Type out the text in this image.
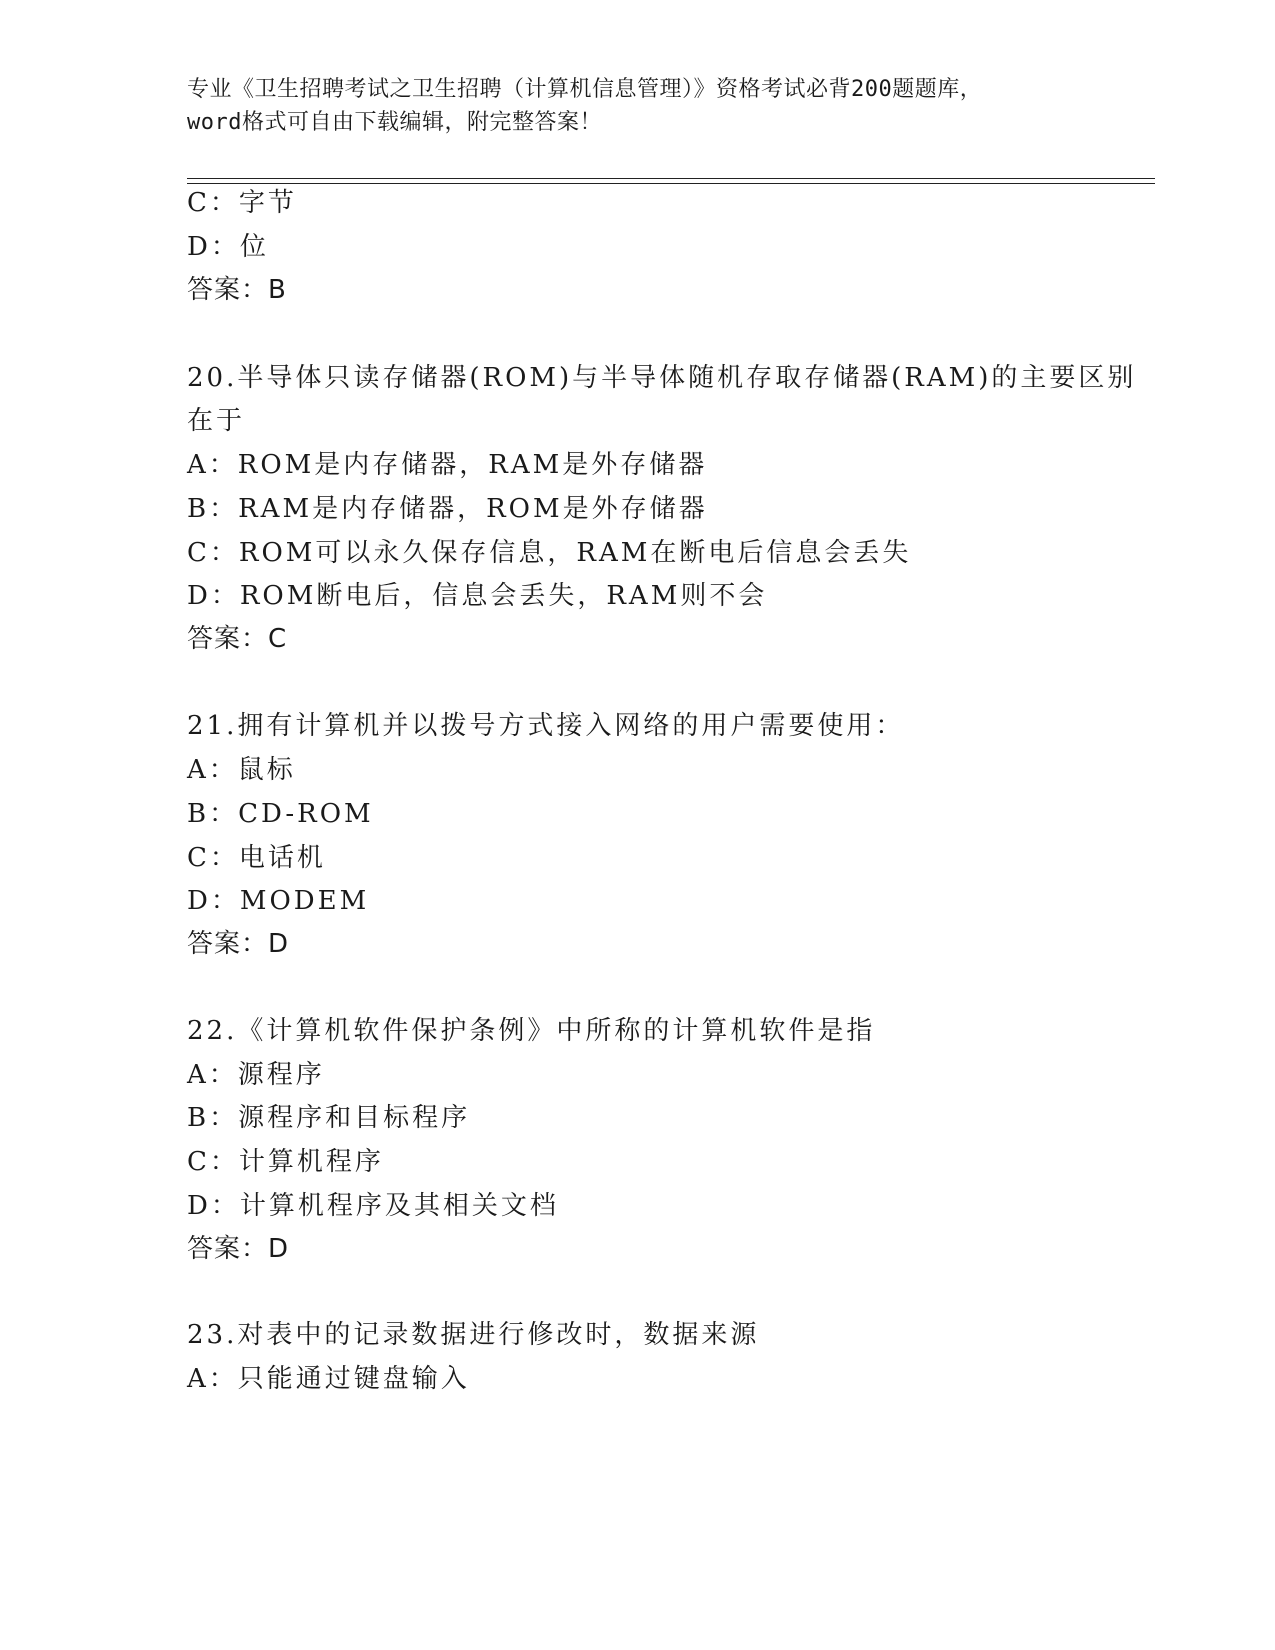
专业《卫生招聘考试之卫生招聘（计算机信息管理）》资格考试必背200题题库，
word格式可自由下载编辑，附完整答案！
C：字节
D：位
答案：B
20.半导体只读存储器(ROM)与半导体随机存取存储器(RAM)的主要区别
在于
A：ROM是内存储器，RAM是外存储器
B：RAM是内存储器，ROM是外存储器
C：ROM可以永久保存信息，RAM在断电后信息会丢失
D：ROM断电后，信息会丢失，RAM则不会
答案：C
21.拥有计算机并以拨号方式接入网络的用户需要使用：
A：鼠标
B：CD-ROM
C：电话机
D：MODEM
答案：D
22.《计算机软件保护条例》中所称的计算机软件是指
A：源程序
B：源程序和目标程序
C：计算机程序
D：计算机程序及其相关文档
答案：D
23.对表中的记录数据进行修改时，数据来源
A：只能通过键盘输入
